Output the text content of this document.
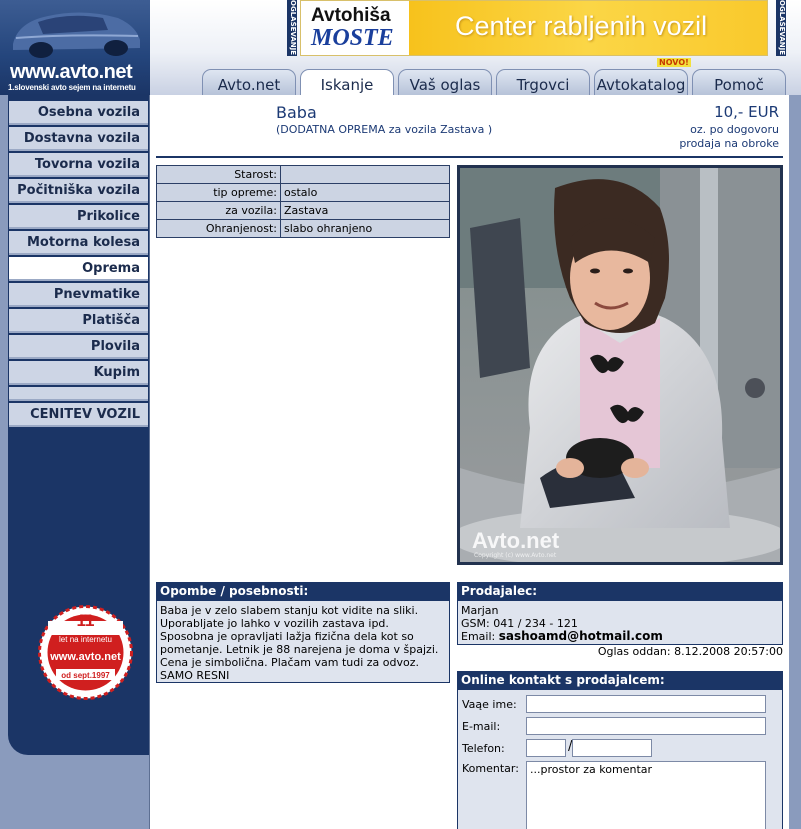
www.avto.net
1.slovenski avto sejem na internetu
OGLAŠEVANJE Avtohiša
MOSTE Center rabljenih vozil	OGLAŠEVANJE
NOVO!
Avto.net	Iskanje	Vaš oglas	Trgovci	Avtokatalog	Pomoč
Osebna vozila
Dostavna vozila
Tovorna vozila
Počitniška vozila
Prikolice
Motorna kolesa
Oprema
Pnevmatike
Platišča
Plovila
Kupim
CENITEV VOZIL
11
let na internetu
www.avto.net
od sept.1997
Baba
(DODATNA OPREMA za vozila Zastava )
10,- EUR
oz. po dogovoru
prodaja na obroke
Starost:	
tip opreme:	ostalo
za vozila:	Zastava
Ohranjenost:	slabo ohranjeno
Avto.net
Copyright (c) www.Avto.net
Opombe / posebnosti:
Baba je v zelo slabem stanju kot vidite na sliki. Uporabljate jo lahko v vozilih zastava ipd. Sposobna je opravljati lažja fizična dela kot so pometanje. Letnik je 88 narejena je doma v špajzi. Cena je simbolična. Plačam vam tudi za odvoz. SAMO RESNI
Prodajalec:
Marjan
GSM: 041 / 234 - 121
Email: sashoamd@hotmail.com
Oglas oddan: 8.12.2008 20:57:00
Online kontakt s prodajalcem:
Vaąe ime:
E-mail:
Telefon:	/
Komentar:
...prostor za komentar
